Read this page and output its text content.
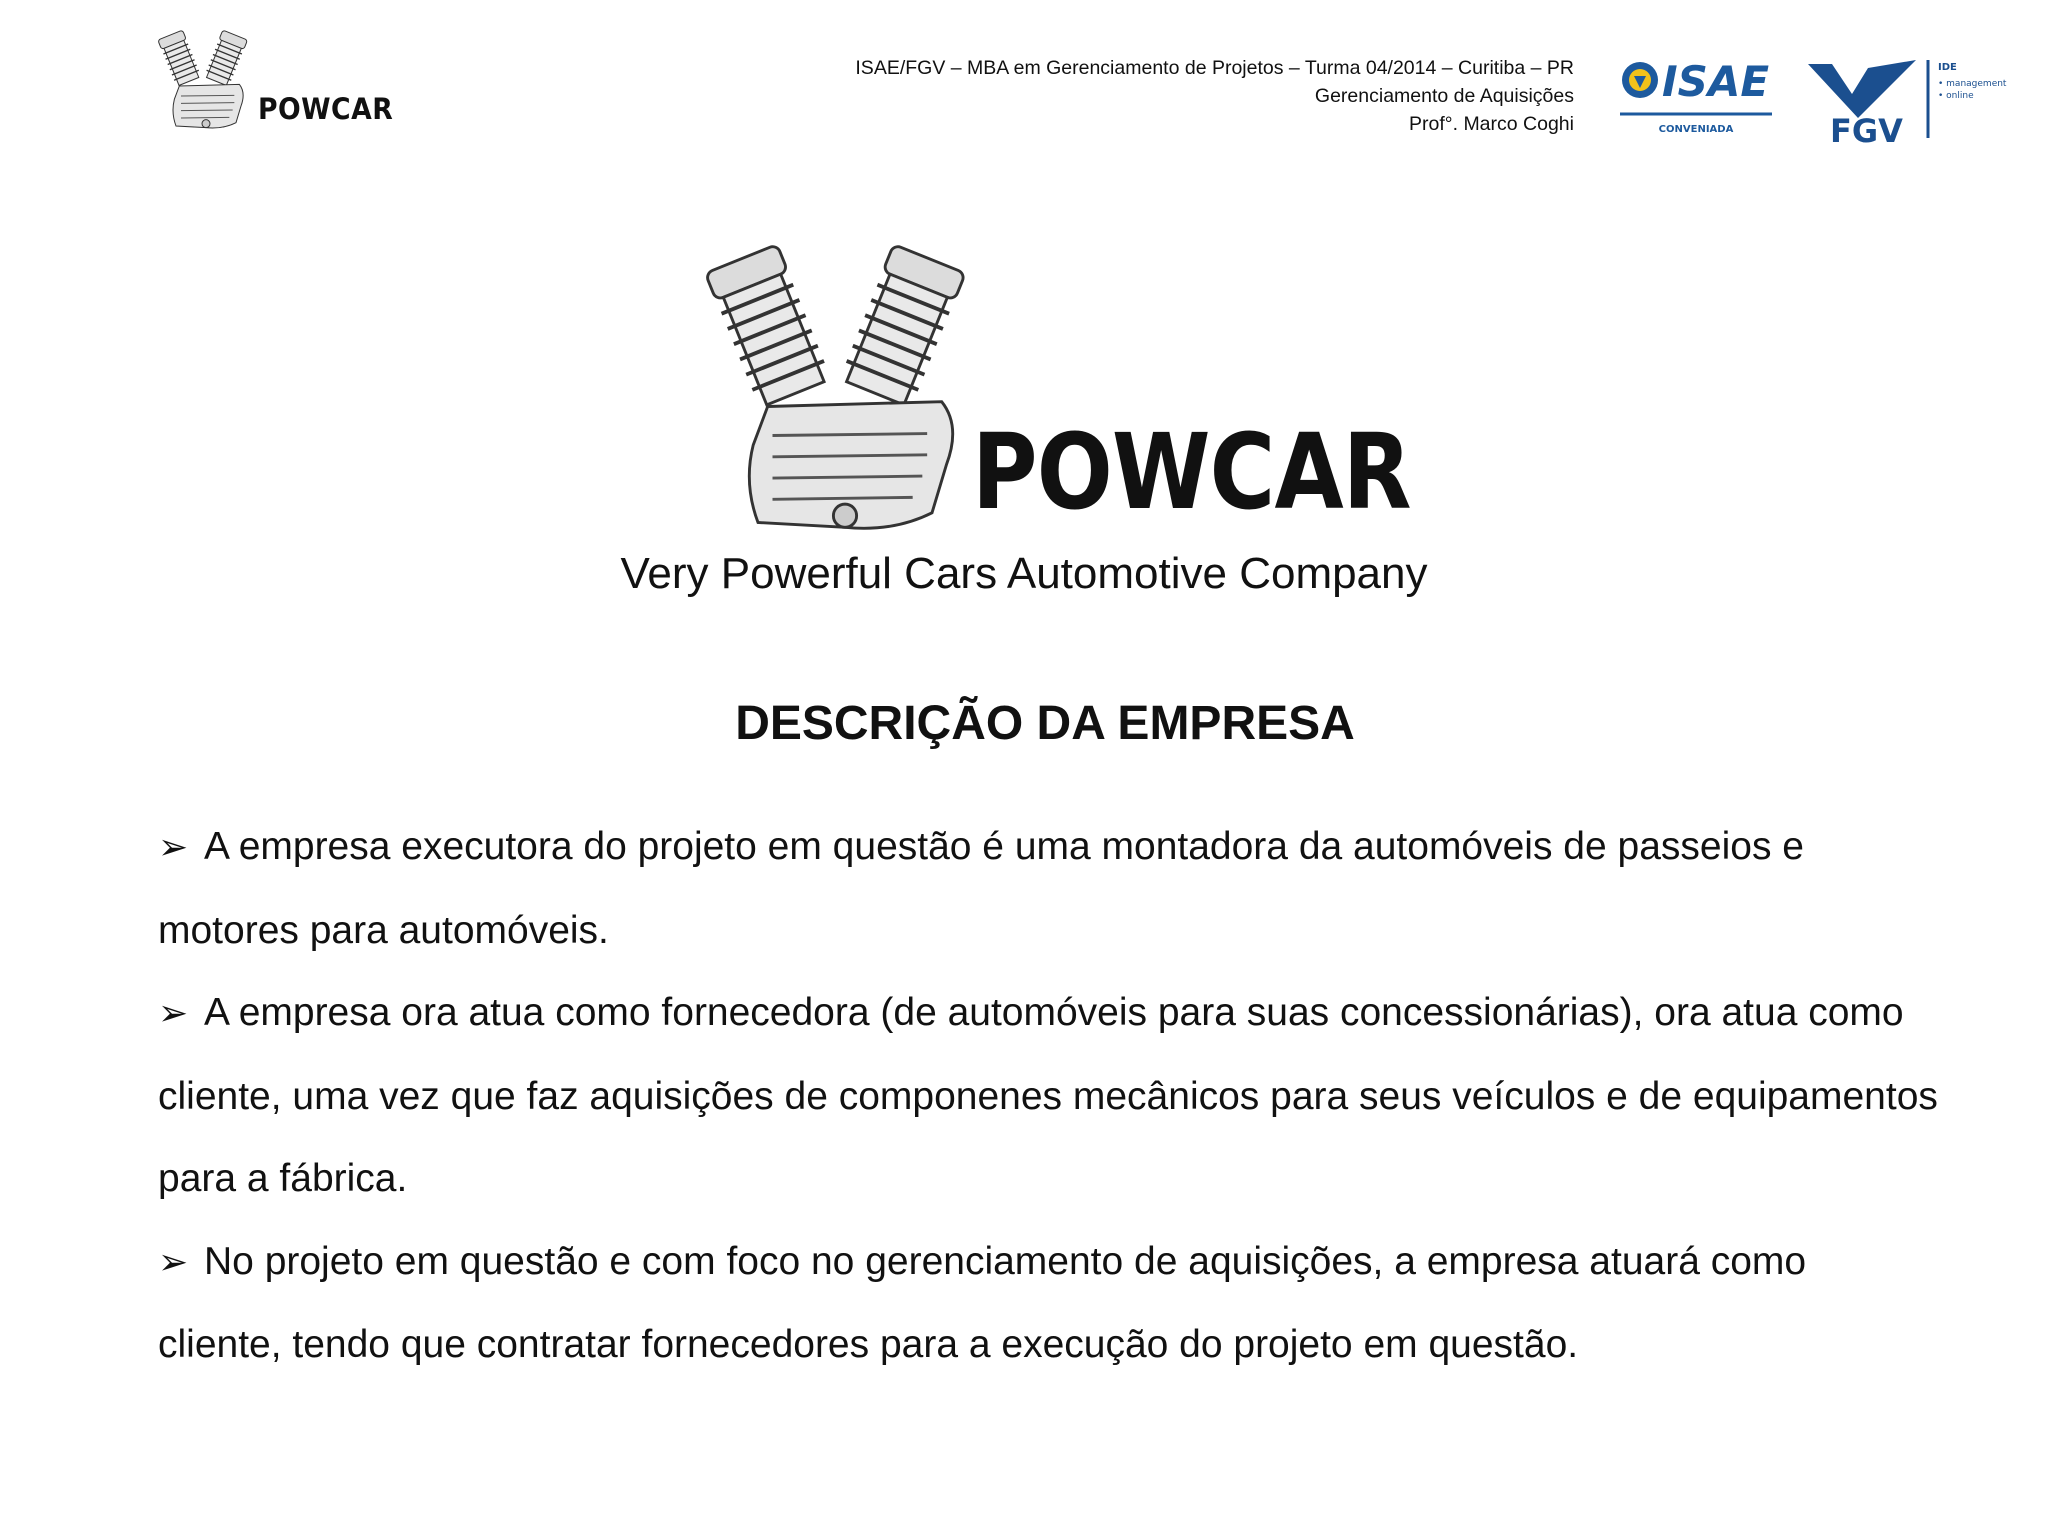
POWCAR
ISAE/FGV – MBA em Gerenciamento de Projetos – Turma 04/2014 – Curitiba – PR
Gerenciamento de Aquisições
Prof°. Marco Coghi
ISAE
CONVENIADA	FGV
IDE
• management
• online
POWCAR
Very Powerful Cars Automotive Company
DESCRIÇÃO DA EMPRESA

➢ A empresa executora do projeto em questão é uma montadora da automóveis de passeios e motores para automóveis.

➢ A empresa ora atua como fornecedora (de automóveis para suas concessionárias), ora atua como cliente, uma vez que faz aquisições de componenes mecânicos para seus veículos e de equipamentos para a fábrica.

➢ No projeto em questão e com foco no gerenciamento de aquisições, a empresa atuará como cliente, tendo que contratar fornecedores para a execução do projeto em questão.
